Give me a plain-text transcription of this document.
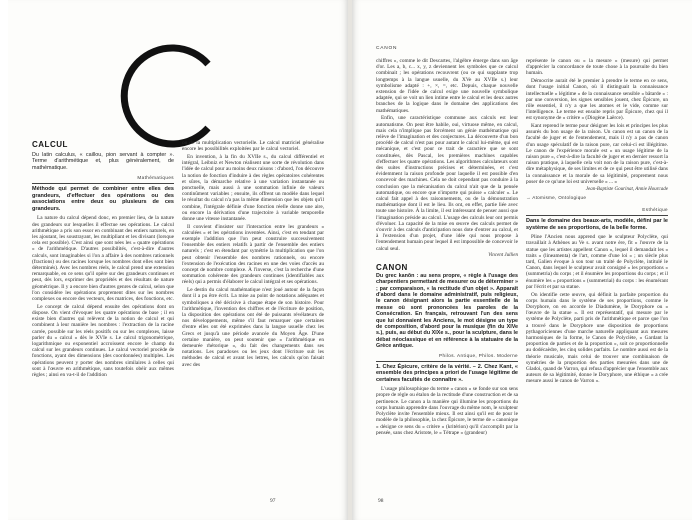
CALCUL
Du latin calculus, « caillou, pion servant à compter ». Terme d'arithmétique et, plus généralement, de mathématique.
Mathématiques
Méthode qui permet de combiner entre elles des grandeurs, d'effectuer des opérations ou des associations entre deux ou plusieurs de ces grandeurs.

La nature du calcul dépend donc, en premier lieu, de la nature des grandeurs sur lesquelles il effectue ses opérations. Le calcul arithmétique a pris son essor en combinant des entiers naturels, en les ajoutant, les soustrayant, les multipliant et les divisant (lorsque cela est possible). C'est ainsi que sont nées les « quatre opérations » de l'arithmétique. D'autres possibilités, c'est-à-dire d'autres calculs, sont imaginables si l'on a affaire à des nombres rationnels (fractions) ou des racines lorsque les nombres dont elles sont bien déterminés). Avec les nombres réels, le calcul prend une extension remarquable, en ce sens qu'il opère sur des grandeurs continues et peut, dès lors, exprimer des propriétés et des résultats de nature géométrique. Il y a encore bien d'autres genres de calcul, selon que l'on considère les opérations proprement dites sur les nombres complexes ou encore des vecteurs, des matrices, des fonctions, etc.

Le concept de calcul dépend ensuite des opérations dont on dispose. On vient d'évoquer les quatre opérations de base ; il en existe bien d'autres qui relèvent de la notion de calcul et qui combinent à leur manière les nombres : l'extraction de la racine carrée, possible sur les réels positifs ou sur les complexes, laisse parler du « calcul » dès le XVIe s. Le calcul trigonométrique, logarithmique ou exponentiel accroissent encore le champ du calcul sur les grandeurs continues. Le calcul vectoriel procède de fonctions, ayant des dimensions (des coordonnées) multiples. Les opérations peuvent y porter des nombres similaires à celles qui sont à l'œuvre en arithmétique, sans toutefois obéir aux mêmes règles ; ainsi en va-t-il de l'addition

ou de la multiplication vectorielle. Le calcul matriciel généralise encore les possibilités exploitées par le calcul vectoriel.

En invention, à la fin du XVIIe s., du calcul différentiel et intégral, Leibniz et Newton réalisent une sorte de révolution dans l'idée de calcul pour au moins deux raisons : d'abord, l'on découvre la notion de fonction d'induire à des règles opératoires cohérentes et sûres, la démarche relative à une variation instantanée ou ponctuelle, mais aussi à une sommation infinie de valeurs continûment variables ; ensuite, ils offrent un modèle dans lequel le résultat du calcul n'a pas la même dimension que les objets qu'il combine, l'intégrale définie d'une fonction réelle donne une aire, ou encore la dérivation d'une trajectoire à variable temporelle donne une vitesse instantanée.

Il convient d'insister sur l'interaction entre les grandeurs « calculées » et les opérations inventées. Ainsi, c'est en tendant par exemple l'addition que l'on peut construire successivement l'ensemble des entiers relatifs à partir de l'ensemble des entiers naturels ; c'est en étendant par symétrie la multiplication que l'on peut obtenir l'ensemble des nombres rationnels, ou encore l'extension de l'exécution des racines en une des voies d'accès au concept de nombre complexe. À l'inverse, c'est la recherche d'une sommation cohérente des grandeurs continues (identifiables aux réels) qui a permis d'élaborer le calcul intégral et ses opérations.

Le destin du calcul mathématique n'est joué autour de la façon dont il a pu être écrit. La mise au point de notations adéquates et symboliques a été décisive à chaque étape de son histoire. Pour l'arithmétique, l'invention des chiffres et de l'écriture de position, la disposition des opérations ont été de puissants révélateurs de nos développements, même s'il faut remarquer que certaines d'entre elles ont été exprimées dans la langue usuelle chez les Grecs et jusqu'à une période avancée du Moyen Âge. D'une certaine manière, on peut soutenir que « l'arithmétique en demeurée rhétorique », du fait des changements dans ses notations. Les paradoxes ou les jeux dont l'écriture suit les méthodes de calcul et avant les lettres, les calculs qu'on faisait avec des

97
CANON

chiffres », comme le dit Descartes, l'algèbre émerge dans son âge d'or. Les a, b, c... x, y, z deviennent les symboles que ce calcul combinait ; les opérations recouvrent (ou ce qui supplante trop longtemps à la langue usuelle, du XVe au XVIIe s.) leur symbolisme adapté : +, ×, =, etc. Depuis, chaque nouvelle extension de l'idée de calcul exige une nouvelle symbolique adaptée, qui se voit un lien intime entre le calcul et les deux autres branches de la logique dans le domaine des applications des mathématiques.

Enfin, une caractéristique commune aux calculs est leur automatisme. On peut être habile, oui, virtuose même, en calcul, mais cela n'implique pas forcément un génie mathématique qui relève de l'imagination et des conjectures. La découverte d'un bon procédé de calcul n'est pas pour autant le calcul lui-même, qui est mécanique, et c'est pour ce trait de caractère que se sont constituées, dès Pascal, les premières machines capables d'effectuer les quatre opérations. Les algorithmes calculateurs sont des suites d'instructions précises et déterminées, et c'est évidemment la raison profonde pour laquelle il est possible d'en concevoir des machines. Cela ne doit cependant pas conduire à la conclusion que la mécanisation du calcul n'ait que de la pensée automatique, ou encore que n'importe qui puisse « calculer ». Le calcul fait appel à des raisonnements, ou de la démonstration mathématique dont il est le lieu. Ils ont, en effet, partie liée avec toute une histoire. À la limite, il est intéressant de penser aussi que l'imagination préside au calcul. L'usage des calculs leur ont permis d'évoluer. La capacité de la mise en œuvre des calculs permet de s'ouvrir à des calculs d'anticipation nous dote d'entrer au calcul, et à l'extension d'un projet, d'une idée qui nous propose à l'entendement humain pour lequel il est impossible de concevoir le calcul seul.

Vincent Jullien
CANON
Du grec kanôn : au sens propre, « règle à l'usage des charpentiers permettant de mesurer ou de déterminer » ; par comparaison, « la rectitude d'un objet ». Apparaît d'abord dans le domaine administratif, puis religieux, le canon désignant alors la partie essentielle de la messe où sont prononcées les paroles de la Consécration. En français, retrouvant l'un des sens que lui donnaient les Anciens, le mot désigne un type de composition, d'abord pour la musique (fin du XIVe s.), puis, au début du XIXe s., pour la sculpture, dans le débat néoclassique et en référence à la statuaire de la Grèce antique.
Philos. Antique, Philos. Moderne
1. Chez Épicure, critère de la vérité. – 2. Chez Kant, « ensemble des principes a priori de l'usage légitime de certaines facultés de connaître ».

L'usage philosophique du terme « canon » se fonde sur son sens propre de règle ou étalon de la rectitude d'une construction et de sa pertinence. Le canon a la manière qui illumine les proportions du corps humain apprendre dans l'ouvrage du même nom, le sculpteur Polyclète invite l'ensemble mieux. Il est ainsi qu'il est de pour le modèle de la philosophie, la chez Épicure, le terme de « canonique » désigne ce sens du « critère » (kritérion) qu'il s'accomplit par la pensée, sans chez Aristote, le « Tétrape » (grandeur)

représente le canon ou « la mesure » (mesure) qui permet d'apprécier la concordance de toute chose à la poursuite du bien humain.

Démocrite aurait été le premier à prendre le terme en ce sens, dont l'usage initial Canon, où il distinguait la connaissance intellectuelle « légitime » de la connaissance sensible « bâtarde » : par une conversion, les signes sensibles jouent, chez Épicure, un rôle essentiel, il n'y a que les atomes et le vide, comme sur l'intelligence. Le terme est ensuite repris par Épicure, chez qui il est synonyme de « critère » (Diogène Laërce).

Kant reprend le terme pour désigner les lois et principes les plus assurés du bon usage de la raison. Un canon est un canon de la faculté de juger et de l'entendement, mais il n'y a pas de canon d'un usage spéculatif de la raison pure, car celui-ci est illégitime. Le canon de l'expérience morale est « un usage légitime de la raison pure », c'est-à-dire la faculté de juger et en dernier ressort la raison pratique, à laquelle cela voit non de la raison pure, c'est-à-dire métaphysique, de ses limites et de ce qui peut être utilisé dans la connaissance et la morale de sa légitimité, proprement nous poser de ce qu'une loi est universelle « ... »

Jean-Baptiste Gourinat, Annie Hourcade
→ Atomisme, Ontologique
Esthétique
Dans le domaine des beaux-arts, modèle, défini par le système de ses proportions, de la belle forme.

Pline l'Ancien nous apprend que le sculpteur Polyclète, qui travaillait à Athènes au Ve s. avant notre ère, fit « l'œuvre de la statue que les artistes appellent Canon », lequel il demandait les « traits » (lineamenta) de l'art, comme d'une loi » ; un siècle plus tard, Galien évoque à son tour un traité de Polyclète, intitulé le Canon, dans lequel le sculpteur avait consigné « les proportions » (summetria) du corps ; et il énumère les proportions du corps ; et il énumère les « proportions » (summetriai) du corps : les énumérant par l'écrit et par sa statue.

On identifie cette œuvre, qui définit la parfaite proportion du corps humain dans le système de ses proportions, comme le Doryphore, on en accorde le Diadumène, le Doryphore ou « l'œuvre de la statue ». Il est représentatif, qui mesure par le système de Polyclète, parti pris de l'arithmétique et parce que l'on a trouvé dans le Doryphore une disposition de proportions pythagoriciennes d'une marche naturelle appliquant aux mesures harmoniques de la forme, le Canon de Polyclète, « Gardant la proportion de parties et de la proportion », soit ce proportionnelle au dodécaèdre, les cinq solides parfaits. Le nombre aussi est de la théorie musicale, mais celui de trouver une combinaison de symétries de la proportion des parties mesurées dans une de Gladoi, quand de Varron, qui refusa d'apprécier que l'ensemble aux auteurs de sa légitimité, donne le Doryphore, une éthique « a crée mesure aussi le canon de Varron ».

98
